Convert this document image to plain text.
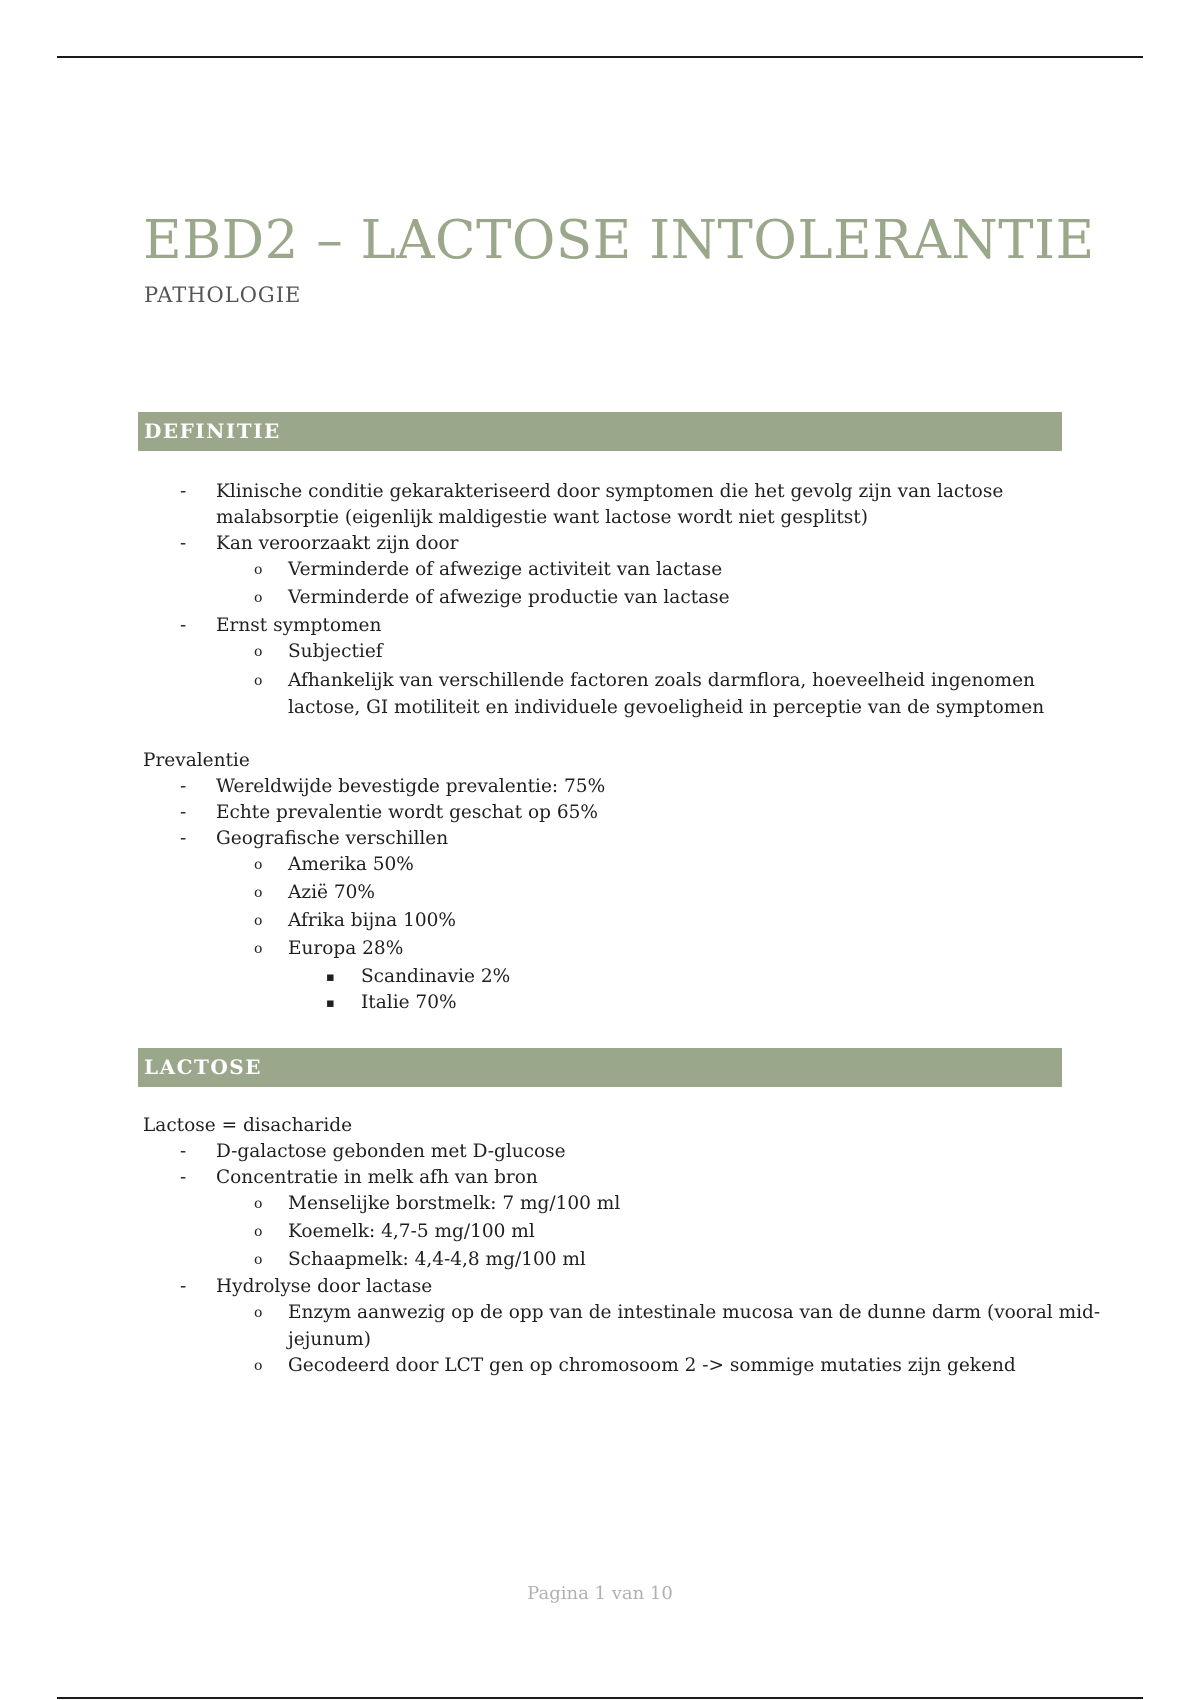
EBD2 – LACTOSE INTOLERANTIE
PATHOLOGIE
DEFINITIE
- Klinische conditie gekarakteriseerd door symptomen die het gevolg zijn van lactose
malabsorptie (eigenlijk maldigestie want lactose wordt niet gesplitst)
- Kan veroorzaakt zijn door
o Verminderde of afwezige activiteit van lactase
o Verminderde of afwezige productie van lactase
- Ernst symptomen
o Subjectief
o Afhankelijk van verschillende factoren zoals darmflora, hoeveelheid ingenomen
lactose, GI motiliteit en individuele gevoeligheid in perceptie van de symptomen
Prevalentie
- Wereldwijde bevestigde prevalentie: 75%
- Echte prevalentie wordt geschat op 65%
- Geografische verschillen
o Amerika 50%
o Azië 70%
o Afrika bijna 100%
o Europa 28%
▪ Scandinavie 2%
▪ Italie 70%
LACTOSE
Lactose = disacharide
- D-galactose gebonden met D-glucose
- Concentratie in melk afh van bron
o Menselijke borstmelk: 7 mg/100 ml
o Koemelk: 4,7-5 mg/100 ml
o Schaapmelk: 4,4-4,8 mg/100 ml
- Hydrolyse door lactase
o Enzym aanwezig op de opp van de intestinale mucosa van de dunne darm (vooral mid-
jejunum)
o Gecodeerd door LCT gen op chromosoom 2 -> sommige mutaties zijn gekend
Pagina 1 van 10
